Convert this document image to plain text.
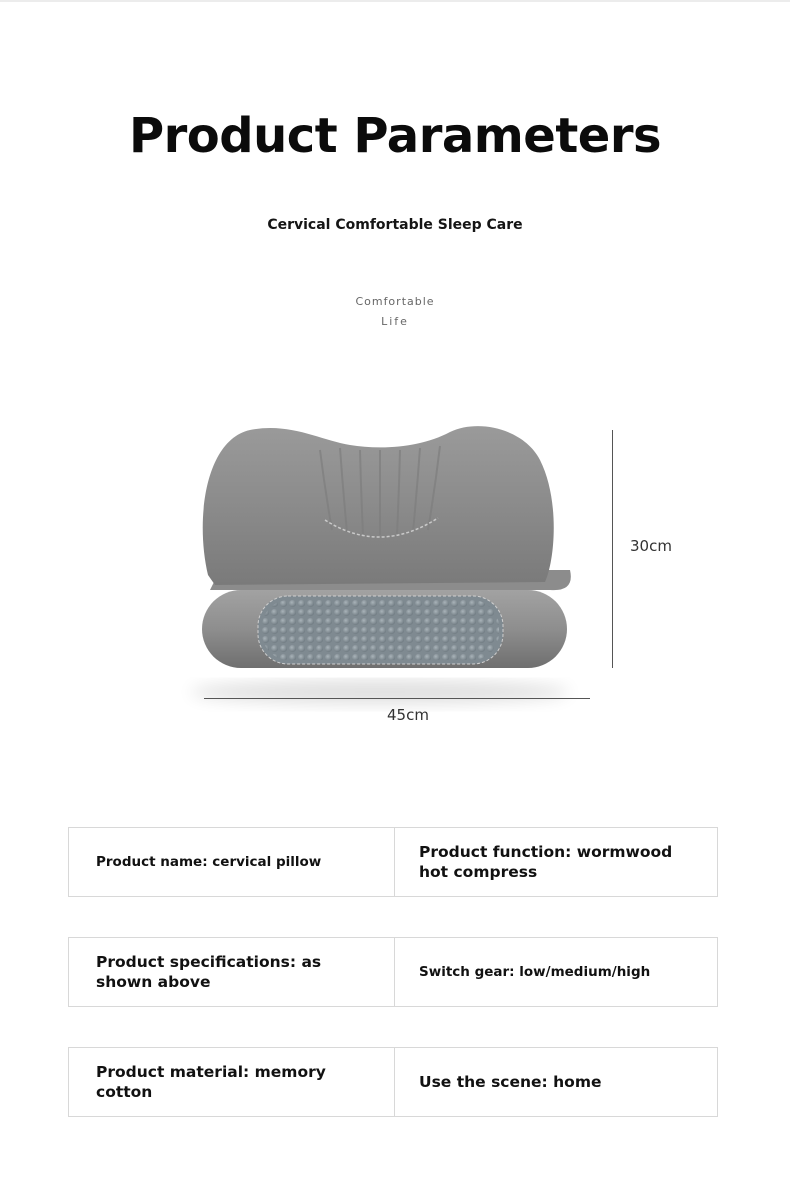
Product Parameters
Cervical Comfortable Sleep Care
Comfortable
Life
30cm
45cm
Product name: cervical pillow
Product function: wormwood hot compress
Product specifications: as shown above
Switch gear: low/medium/high
Product material: memory cotton
Use the scene: home
